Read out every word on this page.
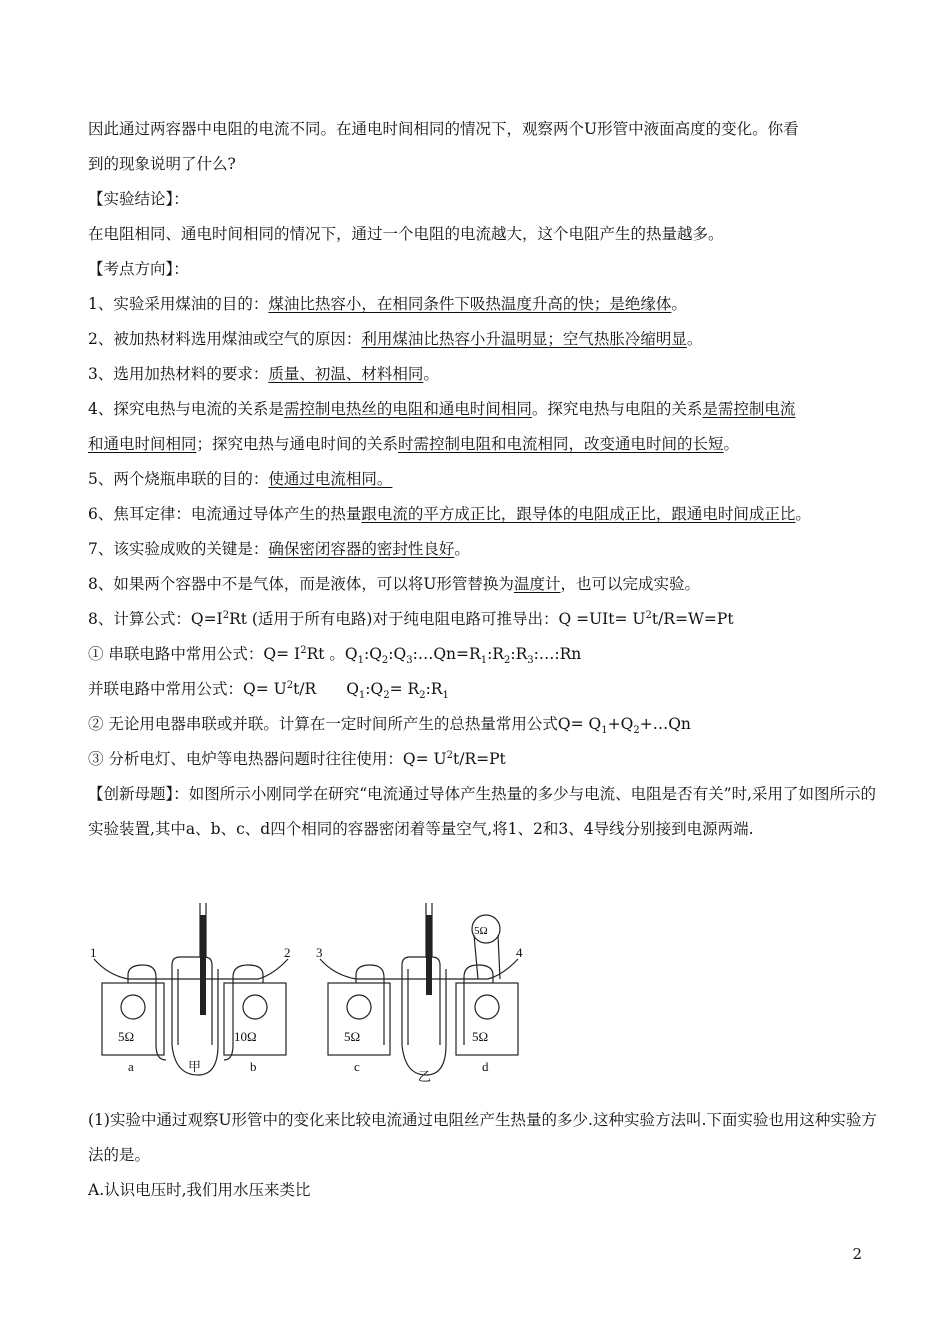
因此通过两容器中电阻的电流不同。在通电时间相同的情况下，观察两个U形管中液面高度的变化。你看

到的现象说明了什么?

【实验结论】：

在电阻相同、通电时间相同的情况下，通过一个电阻的电流越大，这个电阻产生的热量越多。

【考点方向】：

1、实验采用煤油的目的：煤油比热容小，在相同条件下吸热温度升高的快；是绝缘体。

2、被加热材料选用煤油或空气的原因：利用煤油比热容小升温明显；空气热胀冷缩明显。

3、选用加热材料的要求：质量、初温、材料相同。

4、探究电热与电流的关系是需控制电热丝的电阻和通电时间相同。探究电热与电阻的关系是需控制电流
和通电时间相同；探究电热与通电时间的关系时需控制电阻和电流相同，改变通电时间的长短。

5、两个烧瓶串联的目的：使通过电流相同。

6、焦耳定律：电流通过导体产生的热量跟电流的平方成正比，跟导体的电阻成正比，跟通电时间成正比。

7、该实验成败的关键是：确保密闭容器的密封性良好。

8、如果两个容器中不是气体，而是液体，可以将U形管替换为温度计，也可以完成实验。

8、计算公式：$Q=I^2Rt$ (适用于所有电路)对于纯电阻电路可推导出：$Q =UIt= U^2t/R=W=Pt$

① 串联电路中常用公式：$Q= I^2Rt$ 。$Q_1:Q_2:Q_3:\dots Qn=R_1:R_2:R_3:\dots:Rn$

并联电路中常用公式：$Q= U^2t/R$ $Q_1:Q_2=$ $R_2:R_1$

② 无论用电器串联或并联。计算在一定时间所产生的总热量常用公式$Q= Q_1+Q_2+\dots Qn$

③ 分析电灯、电炉等电热器问题时往往使用：$Q= U^2t/R=Pt$

【创新母题】：如图所示小刚同学在研究“电流通过导体产生热量的多少与电流、电阻是否有关”时,采用了如图所示的实验装置,其中a、b、c、d四个相同的容器密闭着等量空气,将1、2和3、4导线分别接到电源两端.

1	2 3	4
5Ω	10Ω	5Ω	5Ω
5Ω
a	b	c	d
甲
乙

(1)实验中通过观察U形管中的变化来比较电流通过电阻丝产生热量的多少.这种实验方法叫.下面实验也用这种实验方法的是。

A.认识电压时,我们用水压来类比

2
